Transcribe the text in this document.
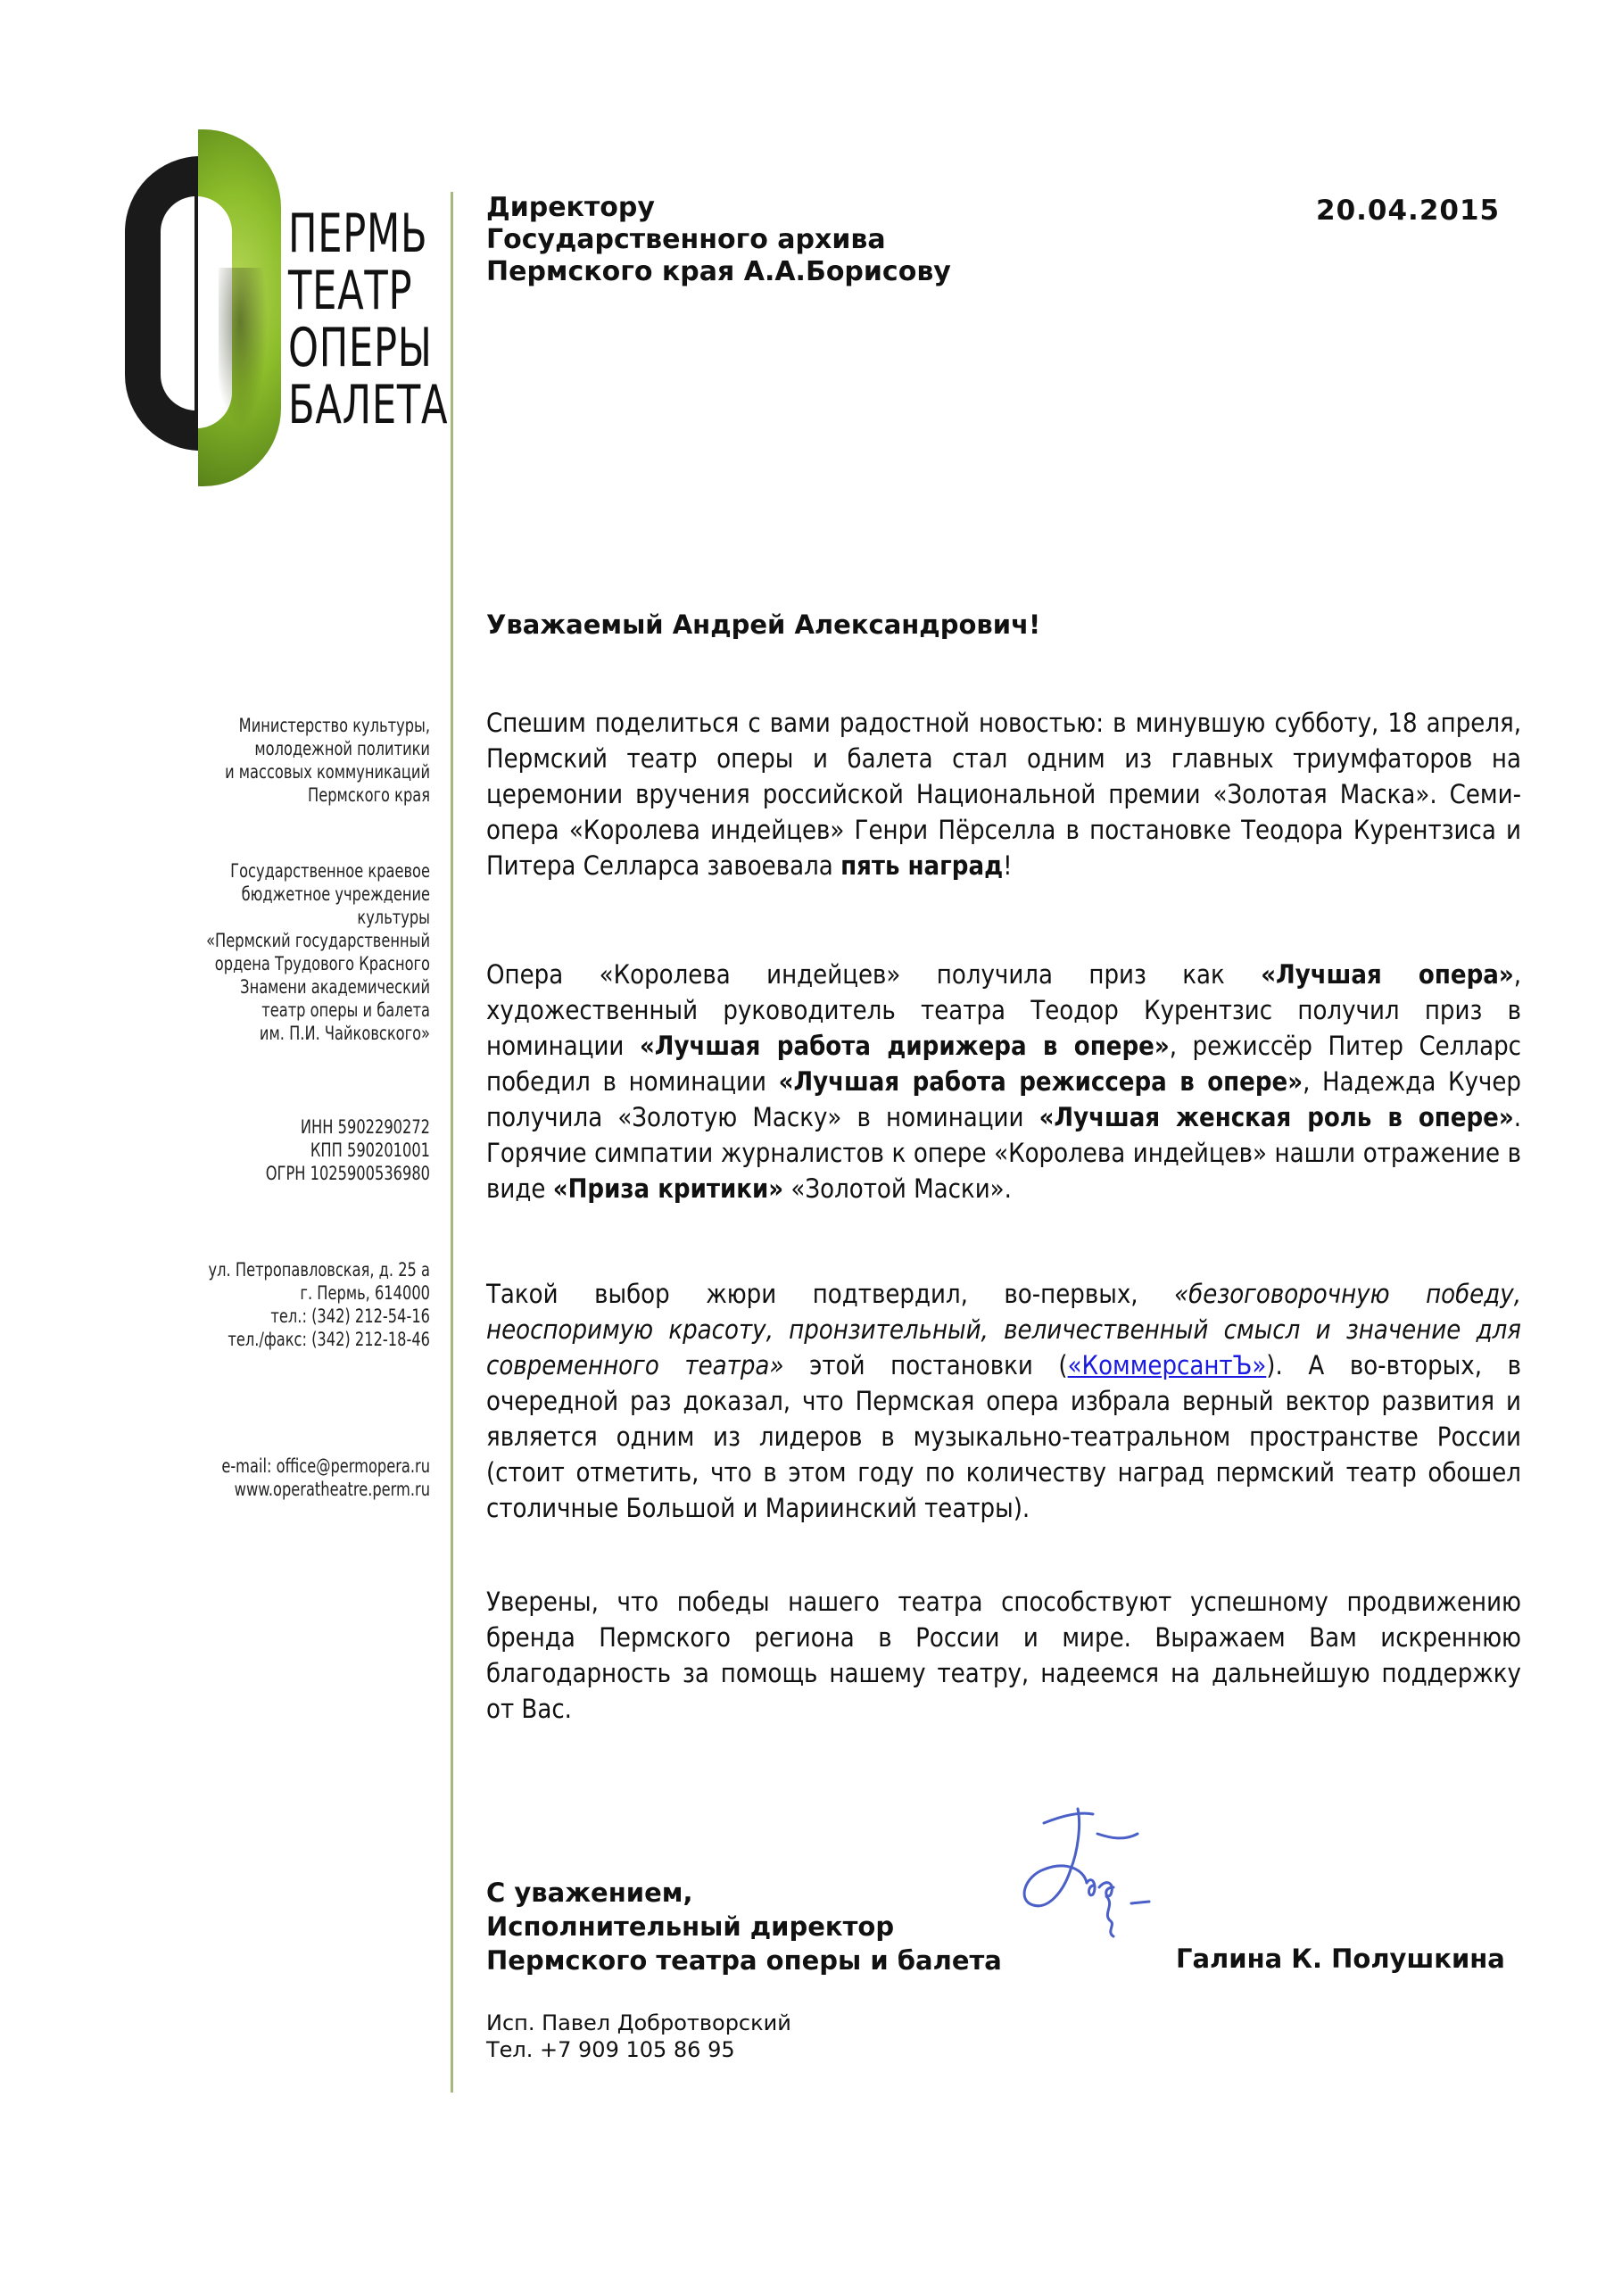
ПЕРМЬ
ТЕАТР
ОПЕРЫ
БАЛЕТА
Директору
Государственного архива
Пермского края А.А.Борисову
20.04.2015
Министерство культуры,
молодежной политики
и массовых коммуникаций
Пермского края
Государственное краевое
бюджетное учреждение
культуры
«Пермский государственный
ордена Трудового Красного
Знамени академический
театр оперы и балета
им. П.И. Чайковского»
ИНН 5902290272
КПП 590201001
ОГРН 1025900536980
ул. Петропавловская, д. 25 а
г. Пермь, 614000
тел.: (342) 212-54-16
тел./факс: (342) 212-18-46
e-mail: office@permopera.ru
www.operatheatre.perm.ru
Уважаемый Андрей Александрович!
Спешим поделиться с вами радостной новостью: в минувшую субботу, 18 апреля, Пермский театр оперы и балета стал одним из главных триумфаторов на церемонии вручения российской Национальной премии «Золотая Маска». Семи-опера «Королева индейцев» Генри Пёрселла в постановке Теодора Курентзиса и Питера Селларса завоевала пять наград!
Опера «Королева индейцев» получила приз как «Лучшая опера», художественный руководитель театра Теодор Курентзис получил приз в номинации «Лучшая работа дирижера в опере», режиссёр Питер Селларс победил в номинации «Лучшая работа режиссера в опере», Надежда Кучер получила «Золотую Маску» в номинации «Лучшая женская роль в опере». Горячие симпатии журналистов к опере «Королева индейцев» нашли отражение в виде «Приза критики» «Золотой Маски».
Такой выбор жюри подтвердил, во-первых, «безоговорочную победу, неоспоримую красоту, пронзительный, величественный смысл и значение для современного театра» этой постановки («КоммерсантЪ»). А во-вторых, в очередной раз доказал, что Пермская опера избрала верный вектор развития и является одним из лидеров в музыкально-театральном пространстве России (стоит отметить, что в этом году по количеству наград пермский театр обошел столичные Большой и Мариинский театры).
Уверены, что победы нашего театра способствуют успешному продвижению бренда Пермского региона в России и мире. Выражаем Вам искреннюю благодарность за помощь нашему театру, надеемся на дальнейшую поддержку от Вас.
С уважением,
Исполнительный директор
Пермского театра оперы и балета	Галина К. Полушкина
Исп. Павел Добротворский
Тел. +7 909 105 86 95
